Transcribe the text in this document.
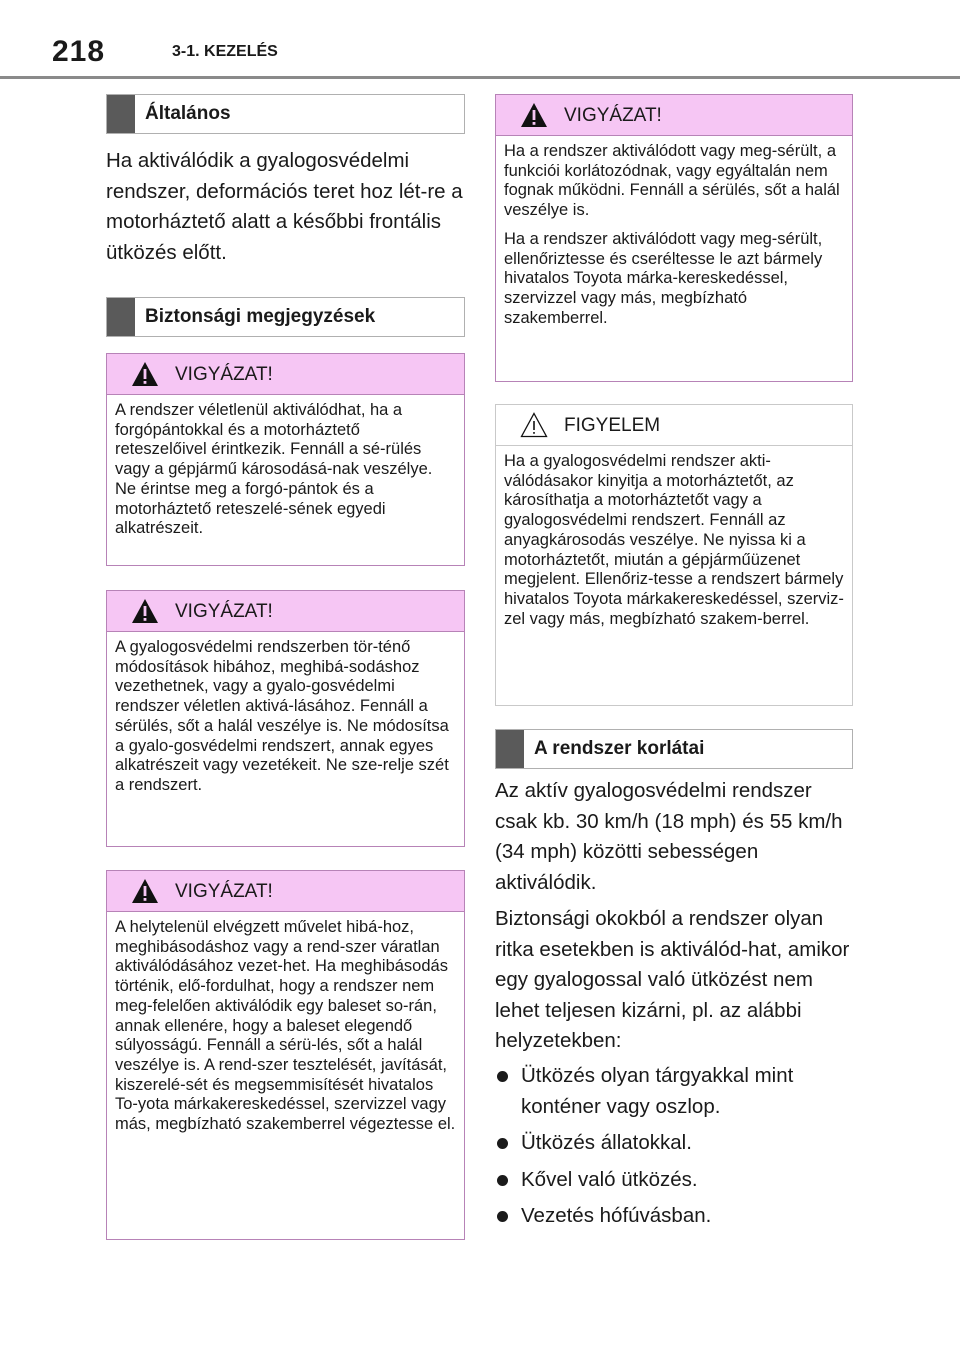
218	3-1. KEZELÉS
Általános

Ha aktiválódik a gyalogosvédelmi rendszer, deformációs teret hoz lét-re a motorháztető alatt a későbbi frontális ütközés előtt.

Biztonsági megjegyzések
VIGYÁZAT!

A rendszer véletlenül aktiválódhat, ha a forgópántokkal és a motorháztető reteszelőivel érintkezik. Fennáll a sé-rülés vagy a gépjármű károsodásá-nak veszélye. Ne érintse meg a forgó-pántok és a motorháztető reteszelé-sének egyedi alkatrészeit.

VIGYÁZAT!

A gyalogosvédelmi rendszerben tör-ténő módosítások hibához, meghibá-sodáshoz vezethetnek, vagy a gyalo-gosvédelmi rendszer véletlen aktivá-lásához. Fennáll a sérülés, sőt a halál veszélye is. Ne módosítsa a gyalo-gosvédelmi rendszert, annak egyes alkatrészeit vagy vezetékeit. Ne sze-relje szét a rendszert.

VIGYÁZAT!

A helytelenül elvégzett művelet hibá-hoz, meghibásodáshoz vagy a rend-szer váratlan aktiválódásához vezet-het. Ha meghibásodás történik, elő-fordulhat, hogy a rendszer nem meg-felelően aktiválódik egy baleset so-rán, annak ellenére, hogy a baleset elegendő súlyosságú. Fennáll a sérü-lés, sőt a halál veszélye is. A rend-szer tesztelését, javítását, kiszerelé-sét és megsemmisítését hivatalos To-yota márkakereskedéssel, szervizzel vagy más, megbízható szakemberrel végeztesse el.

VIGYÁZAT!

Ha a rendszer aktiválódott vagy meg-sérült, a funkciói korlátozódnak, vagy egyáltalán nem fognak működni. Fennáll a sérülés, sőt a halál veszélye is.

Ha a rendszer aktiválódott vagy meg-sérült, ellenőriztesse és cseréltesse le azt bármely hivatalos Toyota márka-kereskedéssel, szervizzel vagy más, megbízható szakemberrel.

FIGYELEM

Ha a gyalogosvédelmi rendszer akti-válódásakor kinyitja a motorháztetőt, az károsíthatja a motorháztetőt vagy a gyalogosvédelmi rendszert. Fennáll az anyagkárosodás veszélye. Ne nyissa ki a motorháztetőt, miután a gépjárműüzenet megjelent. Ellenőriz-tesse a rendszert bármely hivatalos Toyota márkakereskedéssel, szerviz-zel vagy más, megbízható szakem-berrel.

A rendszer korlátai

Az aktív gyalogosvédelmi rendszer csak kb. 30 km/h (18 mph) és 55 km/h (34 mph) közötti sebességen aktiválódik.

Biztonsági okokból a rendszer olyan ritka esetekben is aktiválód-hat, amikor egy gyalogossal való ütközést nem lehet teljesen kizárni, pl. az alábbi helyzetekben:

Ütközés olyan tárgyakkal mint konténer vagy oszlop.
Ütközés állatokkal.
Kővel való ütközés.
Vezetés hófúvásban.
